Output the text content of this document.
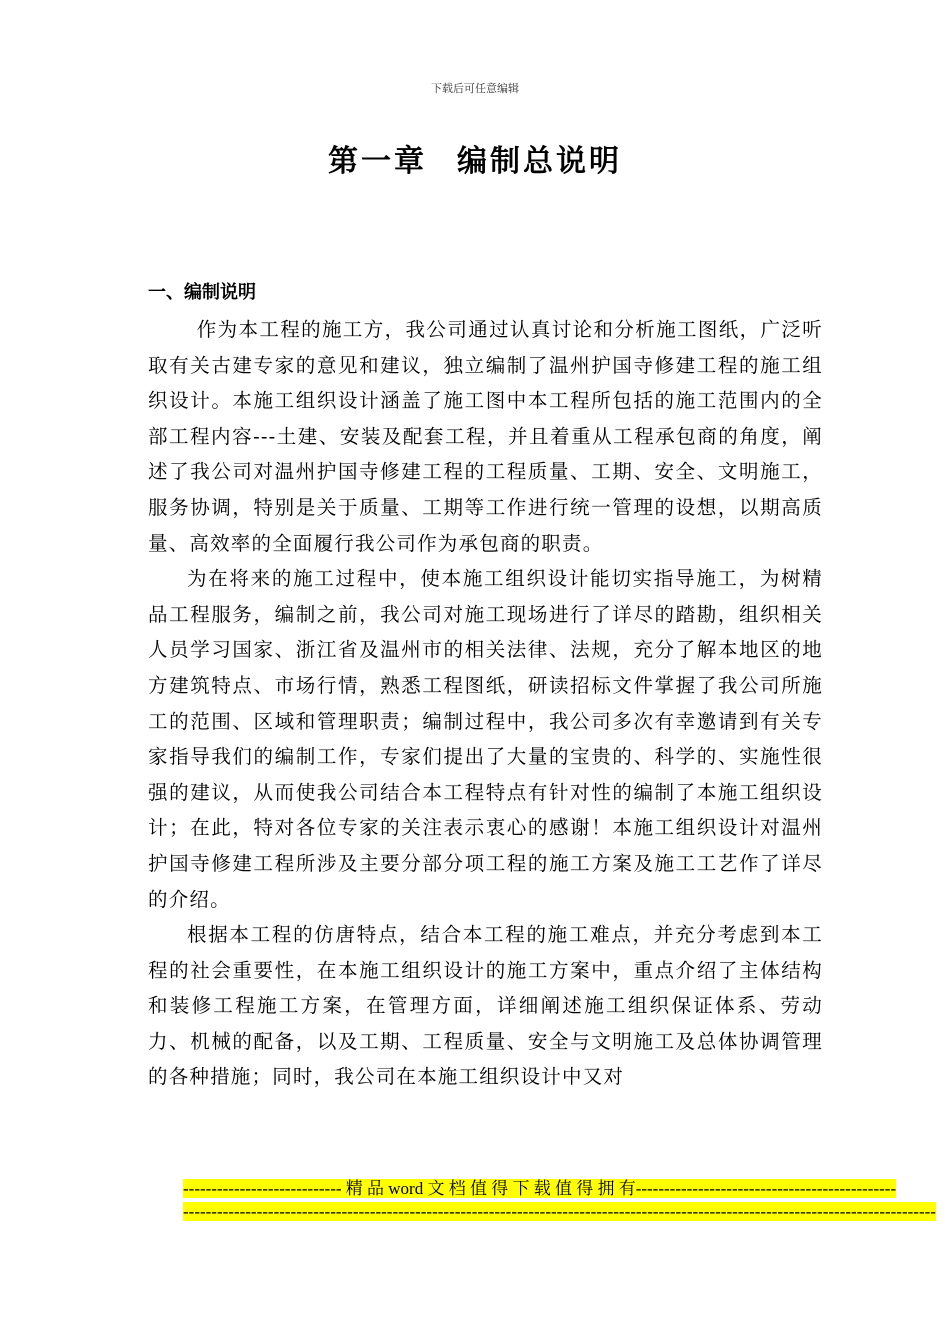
下载后可任意编辑
第一章 编制总说明
一、编制说明

作为本工程的施工方，我公司通过认真讨论和分析施工图纸，广泛听取有关古建专家的意见和建议，独立编制了温州护国寺修建工程的施工组织设计。本施工组织设计涵盖了施工图中本工程所包括的施工范围内的全部工程内容---土建、安装及配套工程，并且着重从工程承包商的角度，阐述了我公司对温州护国寺修建工程的工程质量、工期、安全、文明施工，服务协调，特别是关于质量、工期等工作进行统一管理的设想，以期高质量、高效率的全面履行我公司作为承包商的职责。

为在将来的施工过程中，使本施工组织设计能切实指导施工，为树精品工程服务，编制之前，我公司对施工现场进行了详尽的踏勘，组织相关人员学习国家、浙江省及温州市的相关法律、法规，充分了解本地区的地方建筑特点、市场行情，熟悉工程图纸，研读招标文件掌握了我公司所施工的范围、区域和管理职责；编制过程中，我公司多次有幸邀请到有关专家指导我们的编制工作，专家们提出了大量的宝贵的、科学的、实施性很强的建议，从而使我公司结合本工程特点有针对性的编制了本施工组织设计；在此，特对各位专家的关注表示衷心的感谢！本施工组织设计对温州护国寺修建工程所涉及主要分部分项工程的施工方案及施工工艺作了详尽的介绍。

根据本工程的仿唐特点，结合本工程的施工难点，并充分考虑到本工程的社会重要性，在本施工组织设计的施工方案中，重点介绍了主体结构和装修工程施工方案，在管理方面，详细阐述施工组织保证体系、劳动力、机械的配备，以及工期、工程质量、安全与文明施工及总体协调管理的各种措施；同时，我公司在本施工组织设计中又对

---------------------------- 精 品 word 文 档 值 得 下 载 值 得 拥 有----------------------------------------------
-------------------------------------------------------------------------------------------------------------------------------------
